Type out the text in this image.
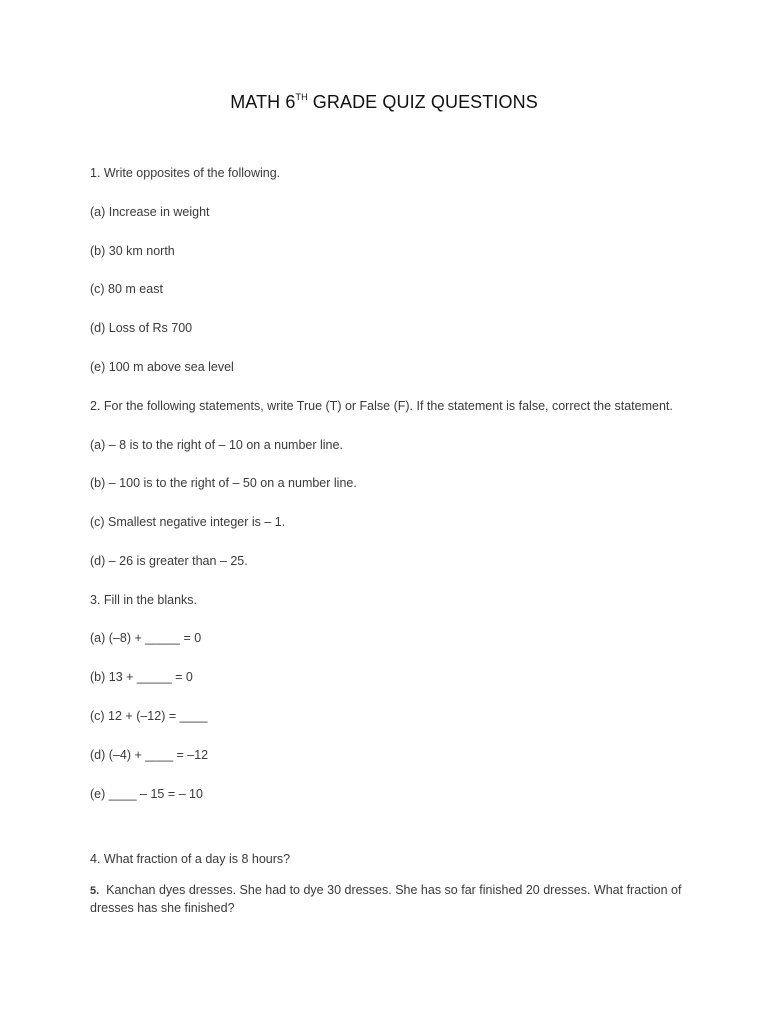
MATH 6TH GRADE QUIZ QUESTIONS
1. Write opposites of the following.
(a) Increase in weight
(b) 30 km north
(c) 80 m east
(d) Loss of Rs 700
(e) 100 m above sea level
2. For the following statements, write True (T) or False (F). If the statement is false, correct the statement.
(a) – 8 is to the right of – 10 on a number line.
(b) – 100 is to the right of – 50 on a number line.
(c) Smallest negative integer is – 1.
(d) – 26 is greater than – 25.
3. Fill in the blanks.
(a) (–8) + _____ = 0
(b) 13 + _____ = 0
(c) 12 + (–12) = ____
(d) (–4) + ____ = –12
(e) ____ – 15 = – 10
4. What fraction of a day is 8 hours?
5.  Kanchan dyes dresses. She had to dye 30 dresses. She has so far finished 20 dresses. What fraction of dresses has she finished?
